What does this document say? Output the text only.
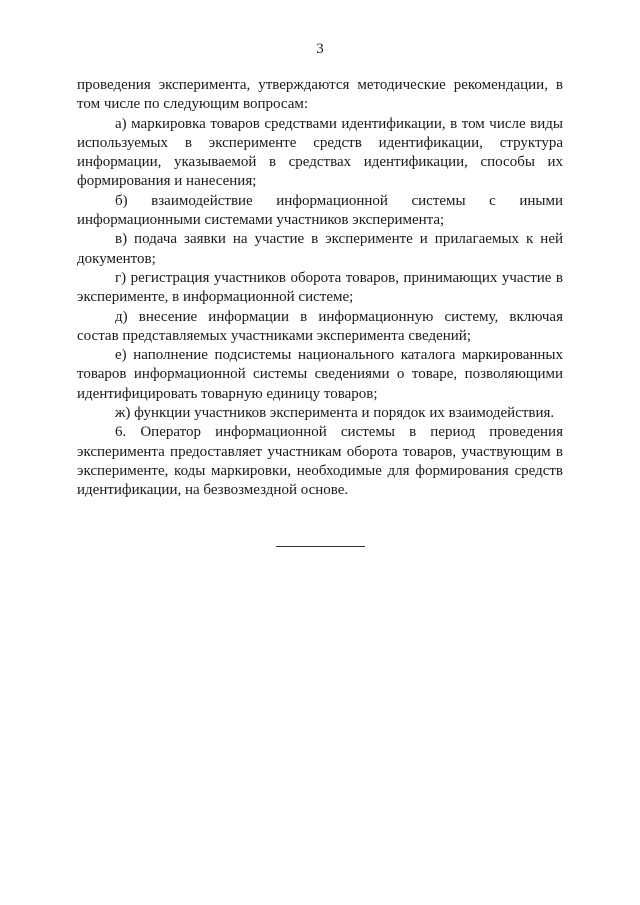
3

проведения эксперимента, утверждаются методические рекомендации, в том числе по следующим вопросам:

а) маркировка товаров средствами идентификации, в том числе виды используемых в эксперименте средств идентификации, структура информации, указываемой в средствах идентификации, способы их формирования и нанесения;

б) взаимодействие информационной системы с иными информационными системами участников эксперимента;

в) подача заявки на участие в эксперименте и прилагаемых к ней документов;

г) регистрация участников оборота товаров, принимающих участие в эксперименте, в информационной системе;

д) внесение информации в информационную систему, включая состав представляемых участниками эксперимента сведений;

е) наполнение подсистемы национального каталога маркированных товаров информационной системы сведениями о товаре, позволяющими идентифицировать товарную единицу товаров;

ж) функции участников эксперимента и порядок их взаимодействия.

6. Оператор информационной системы в период проведения эксперимента предоставляет участникам оборота товаров, участвующим в эксперименте, коды маркировки, необходимые для формирования средств идентификации, на безвозмездной основе.
